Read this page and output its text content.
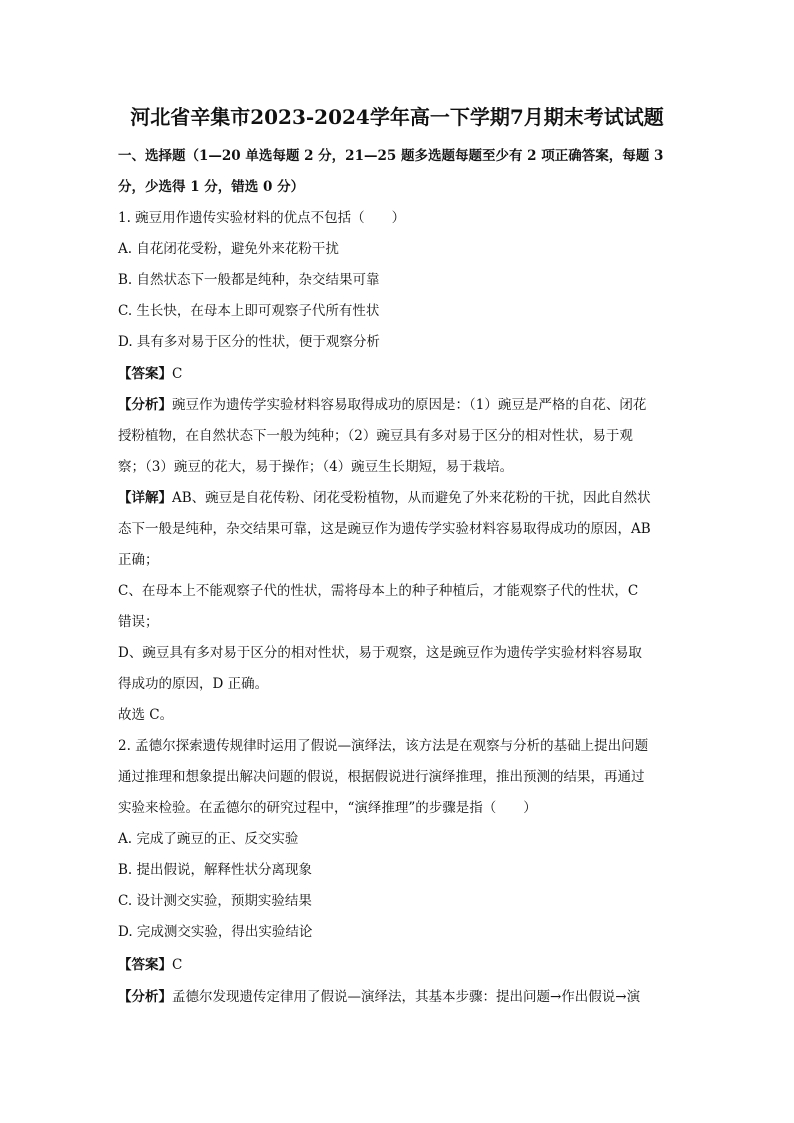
河北省辛集市2023-2024学年高一下学期7月期末考试试题
一、选择题（1—20 单选每题 2 分，21—25 题多选题每题至少有 2 项正确答案，每题 3
分，少选得 1 分，错选 0 分）
1. 豌豆用作遗传实验材料的优点不包括（　　）
A. 自花闭花受粉，避免外来花粉干扰
B. 自然状态下一般都是纯种，杂交结果可靠
C. 生长快，在母本上即可观察子代所有性状
D. 具有多对易于区分的性状，便于观察分析
【答案】C
【分析】豌豆作为遗传学实验材料容易取得成功的原因是：（1）豌豆是严格的自花、闭花
授粉植物，在自然状态下一般为纯种；（2）豌豆具有多对易于区分的相对性状，易于观
察；（3）豌豆的花大，易于操作；（4）豌豆生长期短，易于栽培。
【详解】AB、豌豆是自花传粉、闭花受粉植物，从而避免了外来花粉的干扰，因此自然状
态下一般是纯种，杂交结果可靠，这是豌豆作为遗传学实验材料容易取得成功的原因，AB
正确；
C、在母本上不能观察子代的性状，需将母本上的种子种植后，才能观察子代的性状，C
错误；
D、豌豆具有多对易于区分的相对性状，易于观察，这是豌豆作为遗传学实验材料容易取
得成功的原因，D 正确。
故选 C。
2. 孟德尔探索遗传规律时运用了假说—演绎法，该方法是在观察与分析的基础上提出问题
通过推理和想象提出解决问题的假说，根据假说进行演绎推理，推出预测的结果，再通过
实验来检验。在孟德尔的研究过程中，“演绎推理”的步骤是指（　　）
A. 完成了豌豆的正、反交实验
B. 提出假说，解释性状分离现象
C. 设计测交实验，预期实验结果
D. 完成测交实验，得出实验结论
【答案】C
【分析】孟德尔发现遗传定律用了假说—演绎法，其基本步骤：提出问题→作出假说→演
